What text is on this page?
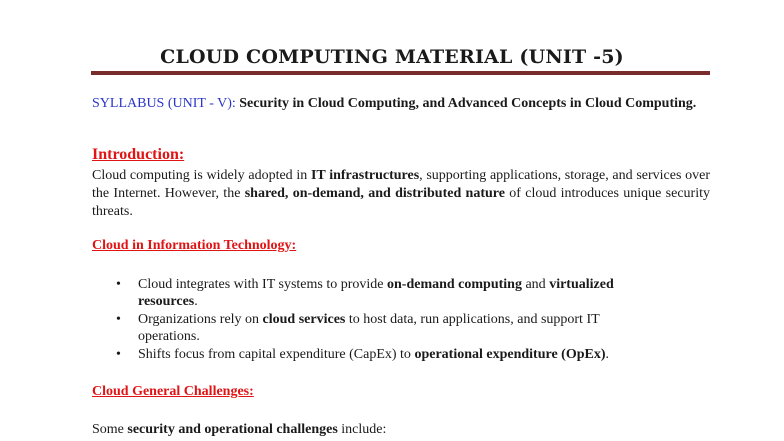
CLOUD COMPUTING MATERIAL (UNIT -5)
SYLLABUS (UNIT - V): Security in Cloud Computing, and Advanced Concepts in Cloud Computing.
Introduction:
Cloud computing is widely adopted in IT infrastructures, supporting applications, storage, and services over the Internet. However, the shared, on-demand, and distributed nature of cloud introduces unique security threats.
Cloud in Information Technology:
• Cloud integrates with IT systems to provide on-demand computing and virtualized resources.
• Organizations rely on cloud services to host data, run applications, and support IT operations.
• Shifts focus from capital expenditure (CapEx) to operational expenditure (OpEx).
Cloud General Challenges:
Some security and operational challenges include:
